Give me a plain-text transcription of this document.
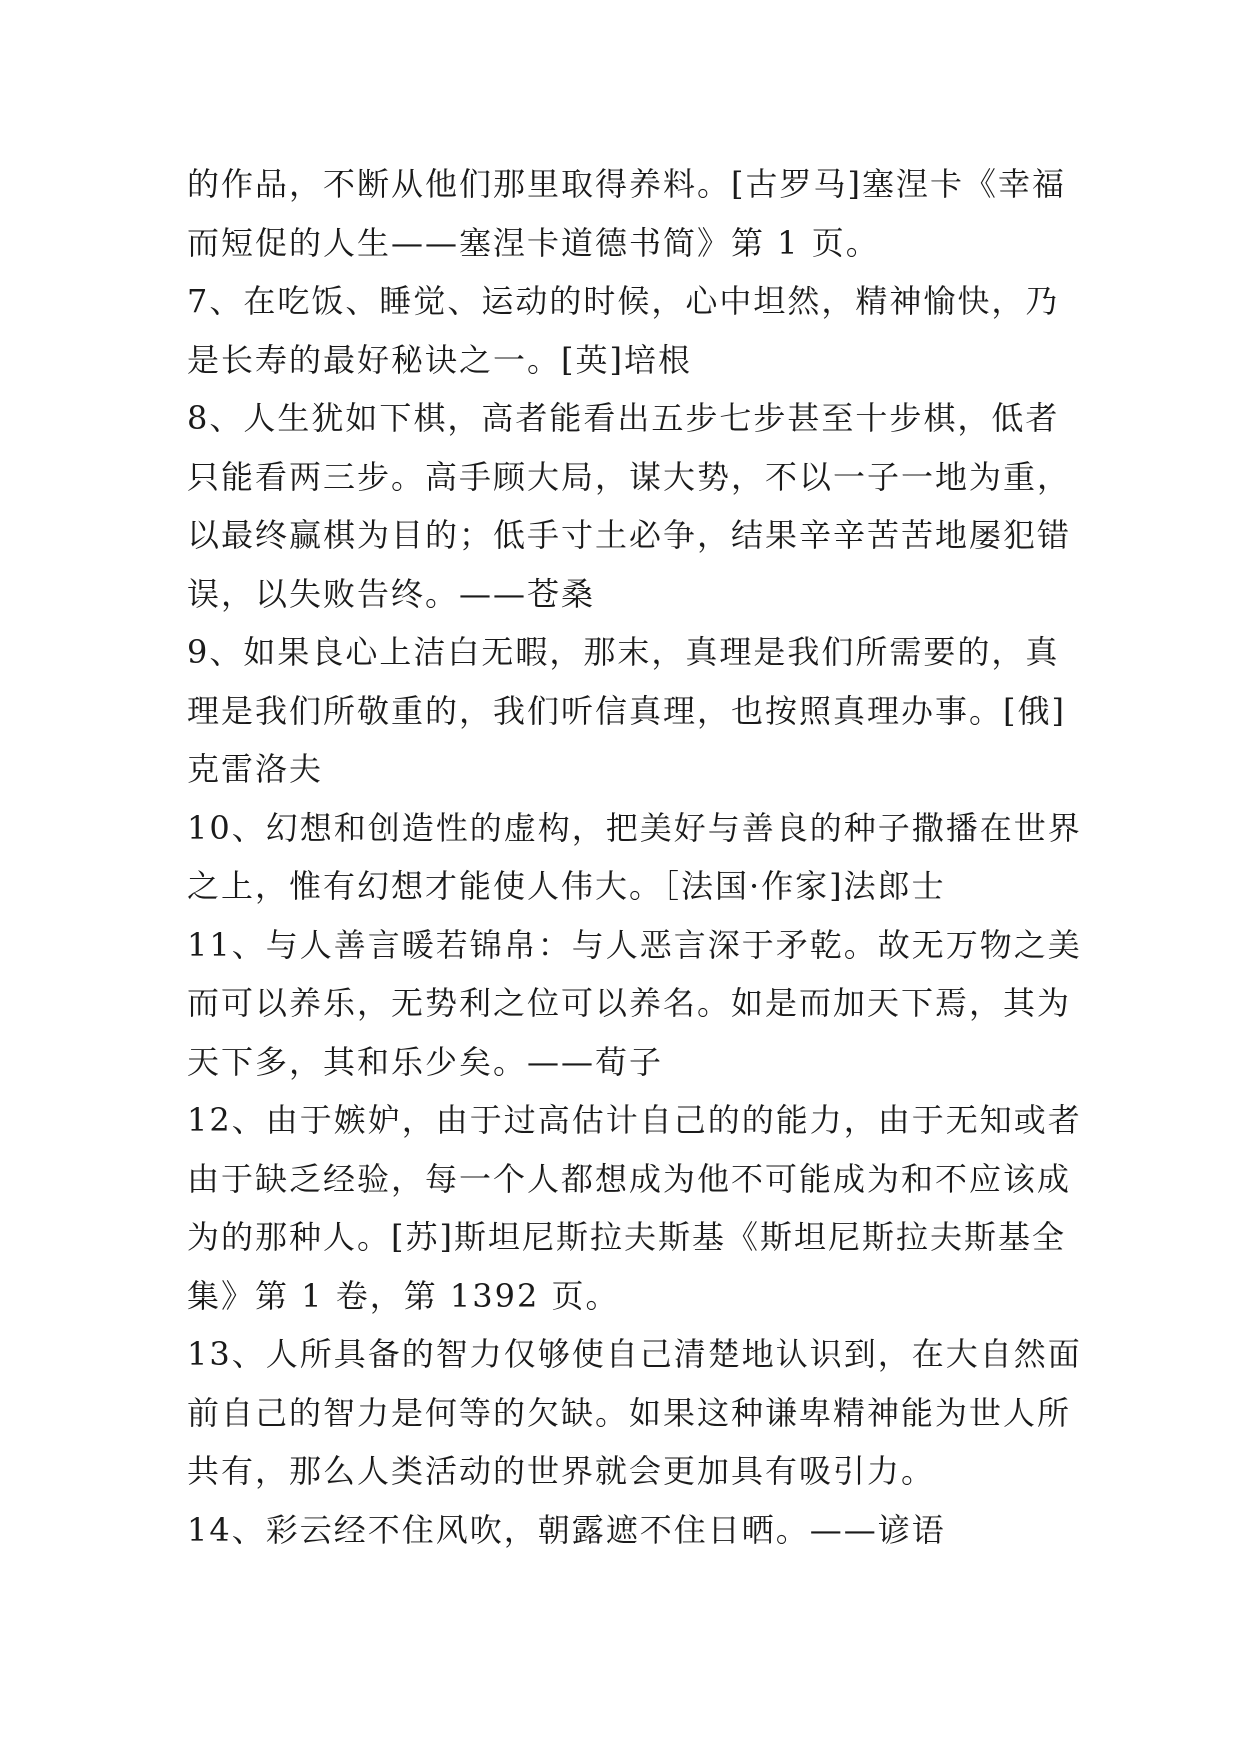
的作品，不断从他们那里取得养料。[古罗马]塞涅卡《幸福
而短促的人生——塞涅卡道德书简》第 1 页。
7、在吃饭、睡觉、运动的时候，心中坦然，精神愉快，乃
是长寿的最好秘诀之一。[英]培根
8、人生犹如下棋，高者能看出五步七步甚至十步棋，低者
只能看两三步。高手顾大局，谋大势，不以一子一地为重，
以最终赢棋为目的；低手寸土必争，结果辛辛苦苦地屡犯错
误，以失败告终。——苍桑
9、如果良心上洁白无暇，那末，真理是我们所需要的，真
理是我们所敬重的，我们听信真理，也按照真理办事。[俄]
克雷洛夫
10、幻想和创造性的虚构，把美好与善良的种子撒播在世界
之上，惟有幻想才能使人伟大。［法国·作家]法郎士
11、与人善言暖若锦帛：与人恶言深于矛乾。故无万物之美
而可以养乐，无势利之位可以养名。如是而加天下焉，其为
天下多，其和乐少矣。——荀子
12、由于嫉妒，由于过高估计自己的的能力，由于无知或者
由于缺乏经验，每一个人都想成为他不可能成为和不应该成
为的那种人。[苏]斯坦尼斯拉夫斯基《斯坦尼斯拉夫斯基全
集》第 1 卷，第 1392 页。
13、人所具备的智力仅够使自己清楚地认识到，在大自然面
前自己的智力是何等的欠缺。如果这种谦卑精神能为世人所
共有，那么人类活动的世界就会更加具有吸引力。
14、彩云经不住风吹，朝露遮不住日晒。——谚语
